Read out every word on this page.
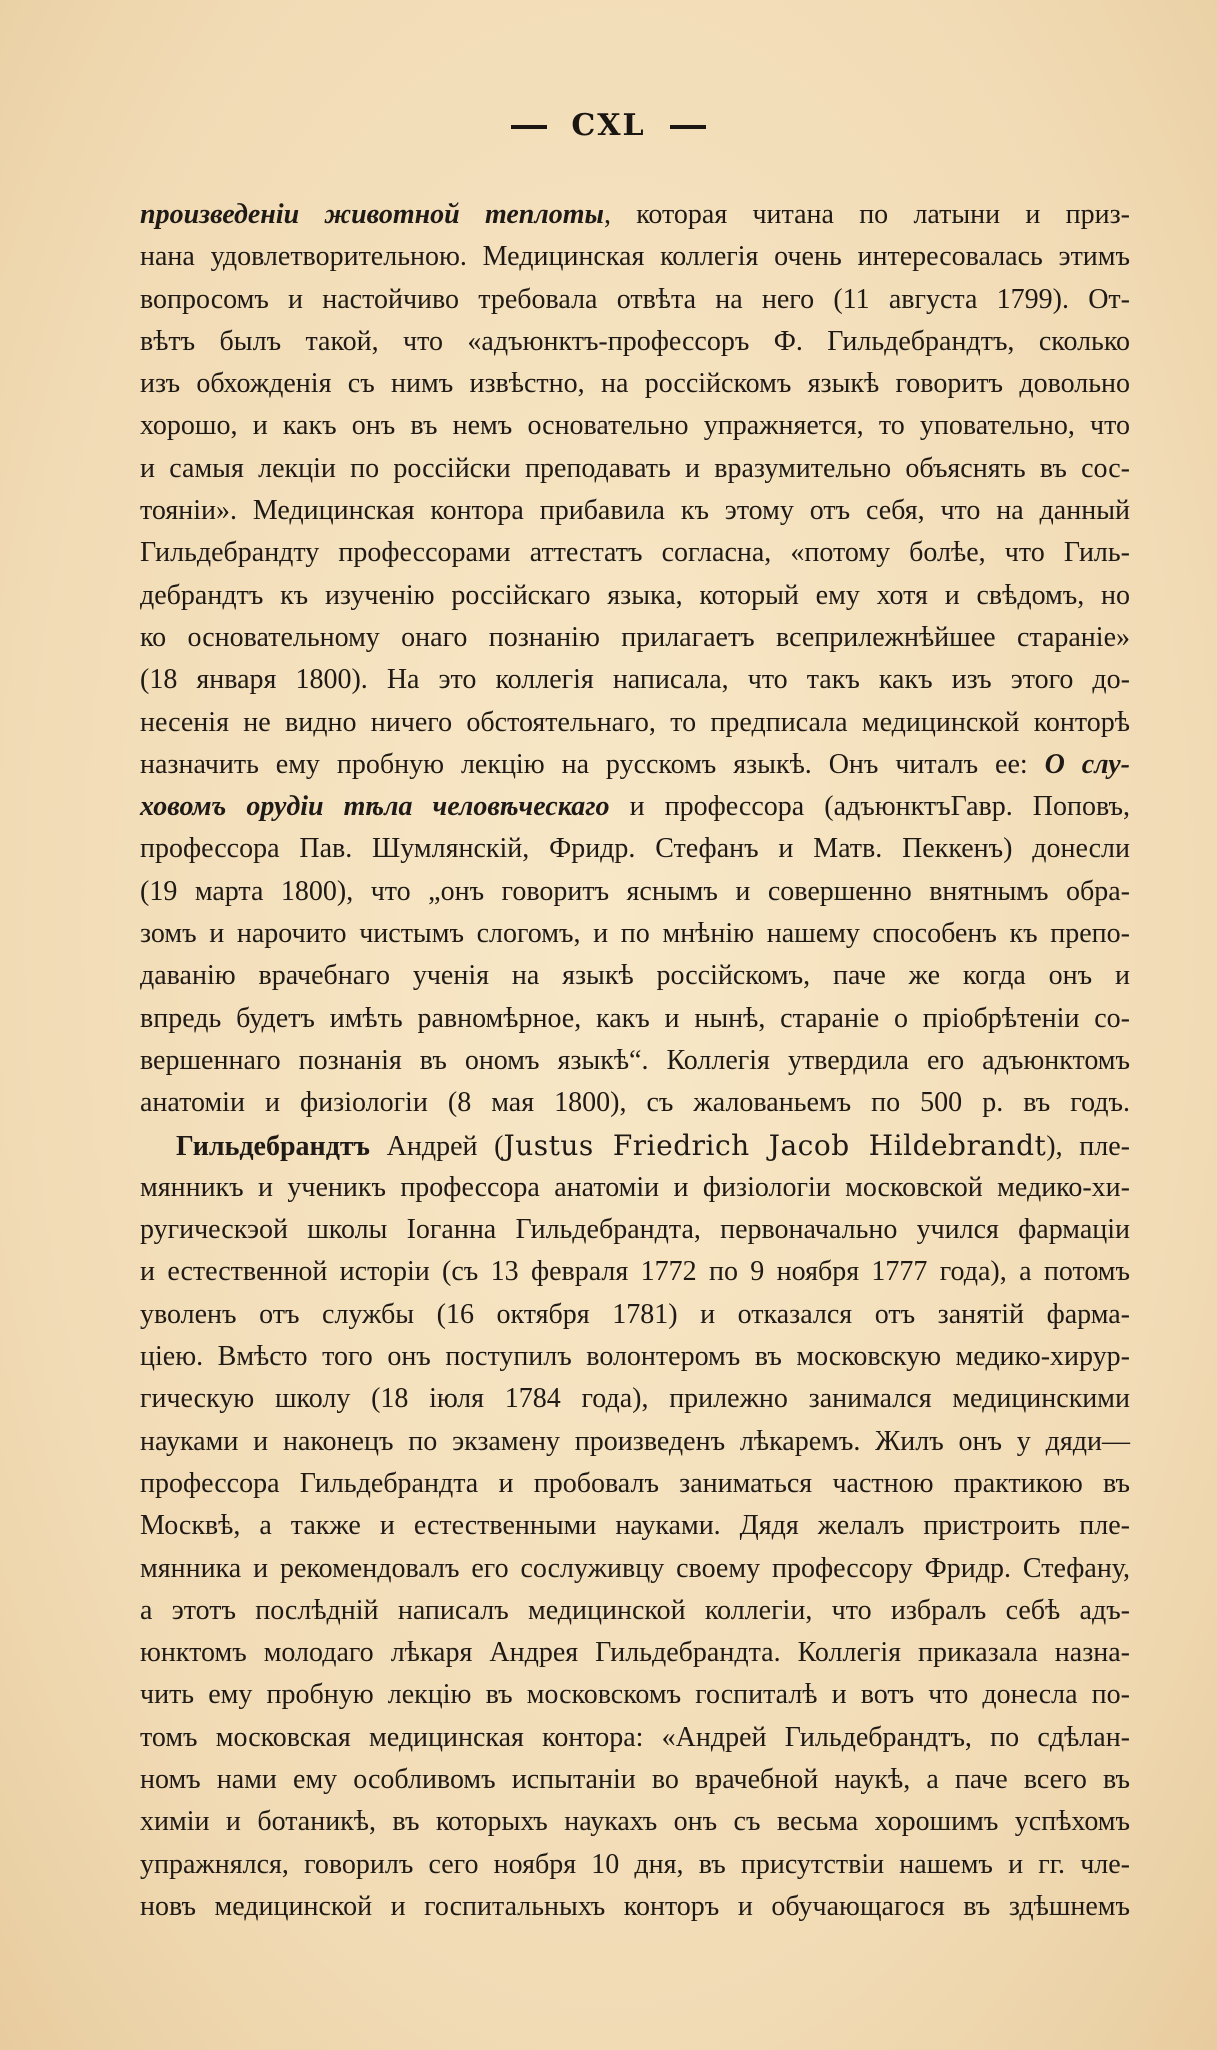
CXL
произведеніи животной теплоты, которая читана по латыни и приз-
нана удовлетворительною. Медицинская коллегія очень интересовалась этимъ
вопросомъ и настойчиво требовала отвѣта на него (11 августа 1799). От-
вѣтъ былъ такой, что «адъюнктъ-профессоръ Ф. Гильдебрандтъ, сколько
изъ обхожденія съ нимъ извѣстно, на россійскомъ языкѣ говоритъ довольно
хорошо, и какъ онъ въ немъ основательно упражняется, то уповательно, что
и самыя лекціи по россійски преподавать и вразумительно объяснять въ сос-
тояніи». Медицинская контора прибавила къ этому отъ себя, что на данный
Гильдебрандту профессорами аттестатъ согласна, «потому болѣе, что Гиль-
дебрандтъ къ изученію россійскаго языка, который ему хотя и свѣдомъ, но
ко основательному онаго познанію прилагаетъ всеприлежнѣйшее стараніе»
(18 января 1800). На это коллегія написала, что такъ какъ изъ этого до-
несенія не видно ничего обстоятельнаго, то предписала медицинской конторѣ
назначить ему пробную лекцію на русскомъ языкѣ. Онъ читалъ ее: О слу-
ховомъ орудіи тѣла человѣческаго и профессора (адъюнктъГавр. Поповъ,
профессора Пав. Шумлянскій, Фридр. Стефанъ и Матв. Пеккенъ) донесли
(19 марта 1800), что „онъ говоритъ яснымъ и совершенно внятнымъ обра-
зомъ и нарочито чистымъ слогомъ, и по мнѣнію нашему способенъ къ препо-
даванію врачебнаго ученія на языкѣ россійскомъ, паче же когда онъ и
впредь будетъ имѣть равномѣрное, какъ и нынѣ, стараніе о пріобрѣтеніи со-
вершеннаго познанія въ ономъ языкѣ“. Коллегія утвердила его адъюнктомъ
анатоміи и физіологіи (8 мая 1800), съ жалованьемъ по 500 р. въ годъ.
Гильдебрандтъ Андрей (Justus Friedrich Jacob Hildebrandt), пле-
мянникъ и ученикъ профессора анатоміи и физіологіи московской медико-хи-
ругическэой школы Іоганна Гильдебрандта, первоначально учился фармаціи
и естественной исторіи (съ 13 февраля 1772 по 9 ноября 1777 года), а потомъ
уволенъ отъ службы (16 октября 1781) и отказался отъ занятій фарма-
ціею. Вмѣсто того онъ поступилъ волонтеромъ въ московскую медико-хирур-
гическую школу (18 іюля 1784 года), прилежно занимался медицинскими
науками и наконецъ по экзамену произведенъ лѣкаремъ. Жилъ онъ у дяди—
профессора Гильдебрандта и пробовалъ заниматься частною практикою въ
Москвѣ, а также и естественными науками. Дядя желалъ пристроить пле-
мянника и рекомендовалъ его сослуживцу своему профессору Фридр. Стефану,
а этотъ послѣдній написалъ медицинской коллегіи, что избралъ себѣ адъ-
юнктомъ молодаго лѣкаря Андрея Гильдебрандта. Коллегія приказала назна-
чить ему пробную лекцію въ московскомъ госпиталѣ и вотъ что донесла по-
томъ московская медицинская контора: «Андрей Гильдебрандтъ, по сдѣлан-
номъ нами ему особливомъ испытаніи во врачебной наукѣ, а паче всего въ
химіи и ботаникѣ, въ которыхъ наукахъ онъ съ весьма хорошимъ успѣхомъ
упражнялся, говорилъ сего ноября 10 дня, въ присутствіи нашемъ и гг. чле-
новъ медицинской и госпитальныхъ конторъ и обучающагося въ здѣшнемъ
